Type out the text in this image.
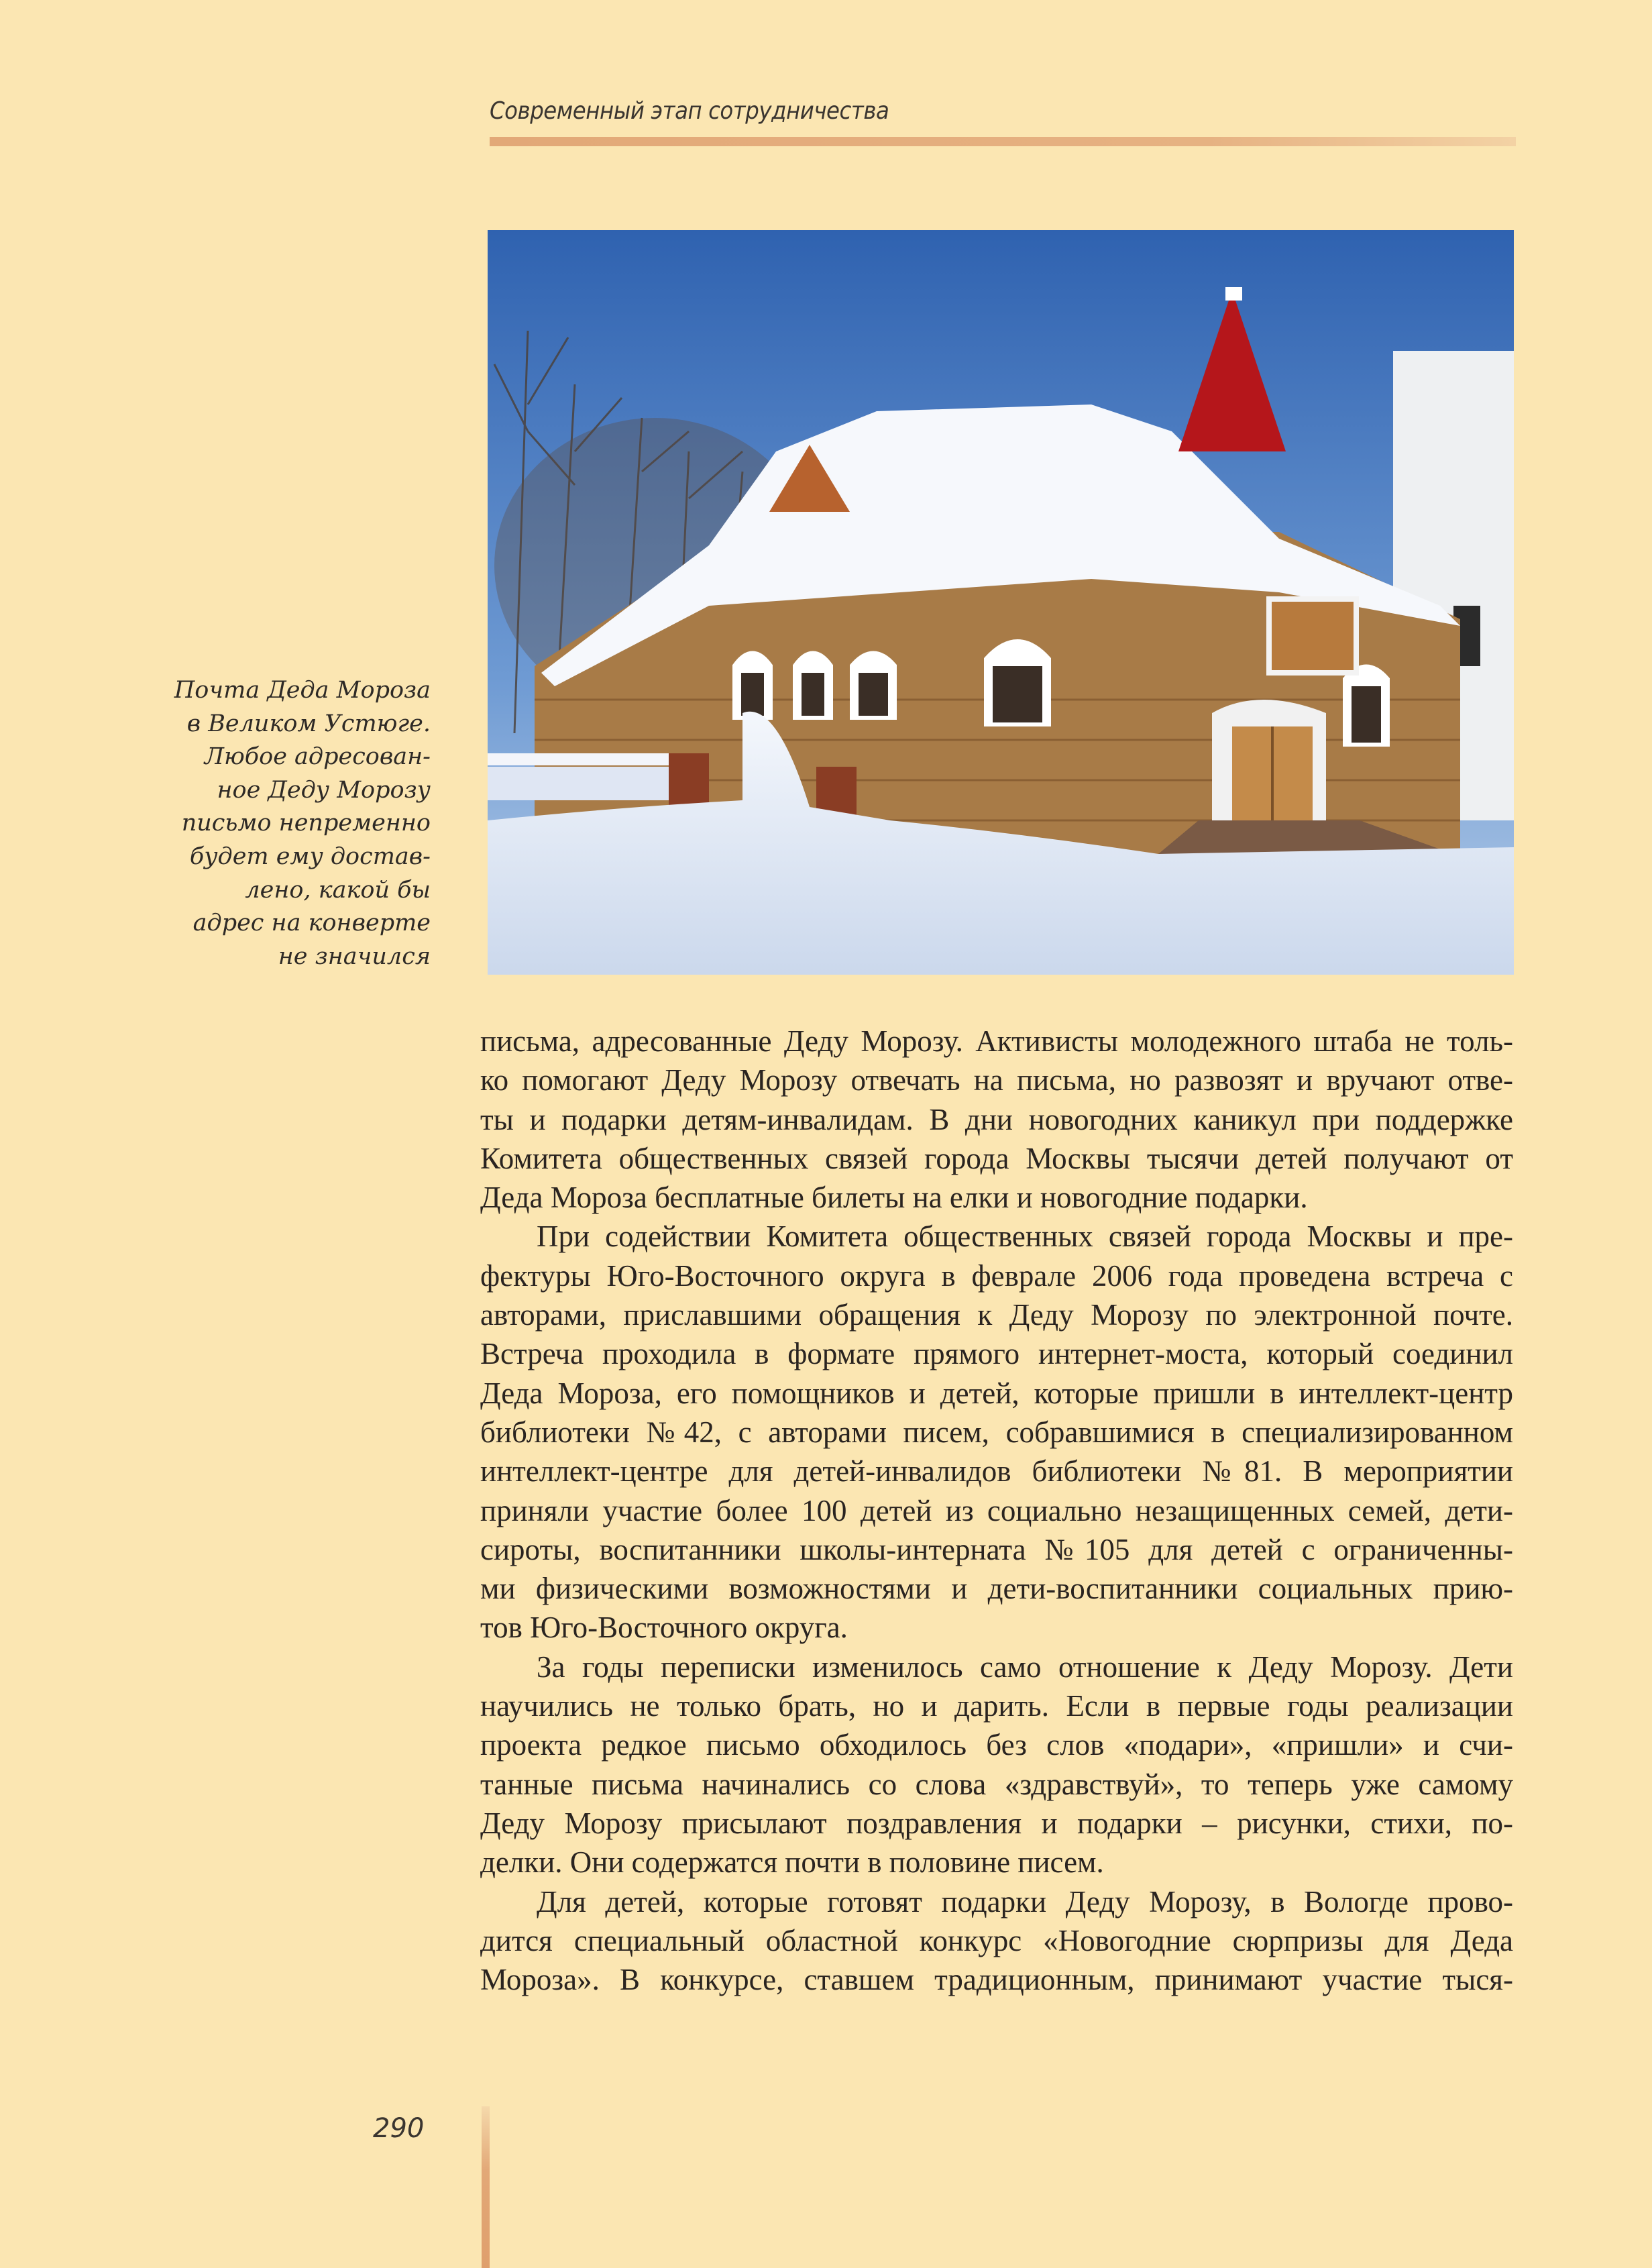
Современный этап сотрудничества
Почта Деда Мороза
в Великом Устюге.
Любое адресован-
ное Деду Морозу
письмо непременно
будет ему достав-
лено, какой бы
адрес на конверте
не значился
письма, адресованные Деду Морозу. Активисты молодежного штаба не толь-
ко помогают Деду Морозу отвечать на письма, но развозят и вручают отве-
ты и подарки детям-инвалидам. В дни новогодних каникул при поддержке
Комитета общественных связей города Москвы тысячи детей получают от
Деда Мороза бесплатные билеты на елки и новогодние подарки.
При содействии Комитета общественных связей города Москвы и пре-
фектуры Юго-Восточного округа в феврале 2006 года проведена встреча с
авторами, приславшими обращения к Деду Морозу по электронной почте.
Встреча проходила в формате прямого интернет-моста, который соединил
Деда Мороза, его помощников и детей, которые пришли в интеллект-центр
библиотеки №42, с авторами писем, собравшимися в специализированном
интеллект-центре для детей-инвалидов библиотеки №81. В мероприятии
приняли участие более 100 детей из социально незащищенных семей, дети-
сироты, воспитанники школы-интерната №105 для детей с ограниченны-
ми физическими возможностями и дети-воспитанники социальных прию-
тов Юго-Восточного округа.
За годы переписки изменилось само отношение к Деду Морозу. Дети
научились не только брать, но и дарить. Если в первые годы реализации
проекта редкое письмо обходилось без слов «подари», «пришли» и счи-
танные письма начинались со слова «здравствуй», то теперь уже самому
Деду Морозу присылают поздравления и подарки – рисунки, стихи, по-
делки. Они содержатся почти в половине писем.
Для детей, которые готовят подарки Деду Морозу, в Вологде прово-
дится специальный областной конкурс «Новогодние сюрпризы для Деда
Мороза». В конкурсе, ставшем традиционным, принимают участие тыся-
290
